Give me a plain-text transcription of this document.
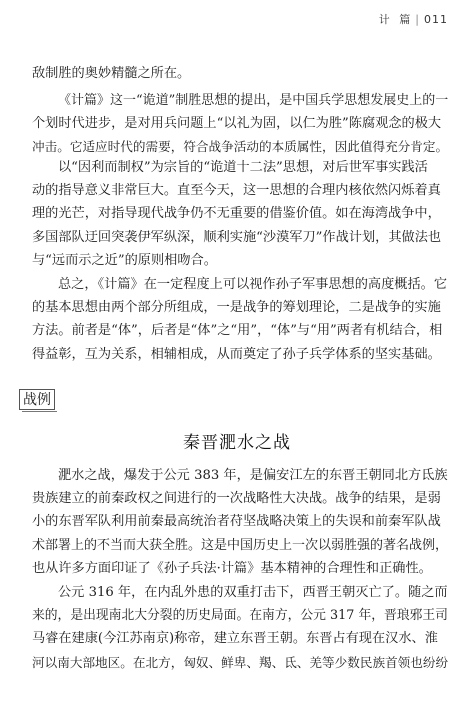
计 篇 | 011
敌制胜的奥妙精髓之所在。
《计篇》这一“诡道”制胜思想的提出，是中国兵学思想发展史上的一
个划时代进步，是对用兵问题上“以礼为固，以仁为胜”陈腐观念的极大
冲击。它适应时代的需要，符合战争活动的本质属性，因此值得充分肯定。
以“因利而制权”为宗旨的“诡道十二法”思想，对后世军事实践活
动的指导意义非常巨大。直至今天，这一思想的合理内核依然闪烁着真
理的光芒，对指导现代战争仍不无重要的借鉴价值。如在海湾战争中，
多国部队迂回突袭伊军纵深，顺利实施“沙漠军刀”作战计划，其做法也
与“远而示之近”的原则相吻合。
总之，《计篇》在一定程度上可以视作孙子军事思想的高度概括。它
的基本思想由两个部分所组成，一是战争的筹划理论，二是战争的实施
方法。前者是“体”，后者是“体”之“用”，“体”与“用”两者有机结合，相
得益彰，互为关系，相辅相成，从而奠定了孙子兵学体系的坚实基础。
战例
秦晋淝水之战
淝水之战，爆发于公元 383 年，是偏安江左的东晋王朝同北方氐族
贵族建立的前秦政权之间进行的一次战略性大决战。战争的结果，是弱
小的东晋军队利用前秦最高统治者苻坚战略决策上的失误和前秦军队战
术部署上的不当而大获全胜。这是中国历史上一次以弱胜强的著名战例，
也从许多方面印证了《孙子兵法·计篇》基本精神的合理性和正确性。
公元 316 年，在内乱外患的双重打击下，西晋王朝灭亡了。随之而
来的，是出现南北大分裂的历史局面。在南方，公元 317 年，晋琅邪王司
马睿在建康(今江苏南京)称帝，建立东晋王朝。东晋占有现在汉水、淮
河以南大部地区。在北方，匈奴、鲜卑、羯、氐、羌等少数民族首领也纷纷
